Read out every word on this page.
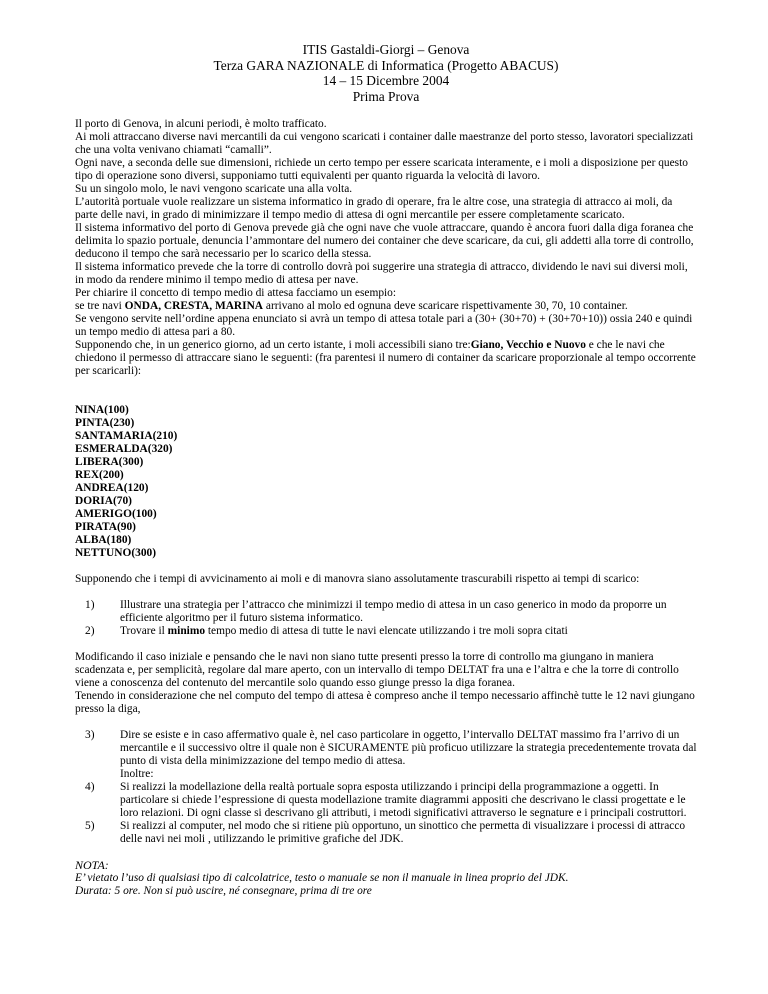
ITIS Gastaldi-Giorgi – Genova
Terza GARA NAZIONALE di Informatica (Progetto ABACUS)
14 – 15 Dicembre 2004
Prima Prova

Il porto di Genova, in alcuni periodi, è molto trafficato.

Ai moli attraccano diverse navi mercantili da cui vengono scaricati i container dalle maestranze del porto stesso, lavoratori specializzati che una volta venivano chiamati “camalli”.

Ogni nave, a seconda delle sue dimensioni, richiede un certo tempo per essere scaricata interamente, e i moli a disposizione per questo tipo di operazione sono diversi, supponiamo tutti equivalenti per quanto riguarda la velocità di lavoro.

Su un singolo molo, le navi vengono scaricate una alla volta.

L’autorità portuale vuole realizzare un sistema informatico in grado di operare, fra le altre cose, una strategia di attracco ai moli, da parte delle navi, in grado di minimizzare il tempo medio di attesa di ogni mercantile per essere completamente scaricato.

Il sistema informativo del porto di Genova prevede già che ogni nave che vuole attraccare, quando è ancora fuori dalla diga foranea che delimita lo spazio portuale, denuncia l’ammontare del numero dei container che deve scaricare, da cui, gli addetti alla torre di controllo, deducono il tempo che sarà necessario per lo scarico della stessa.

Il sistema informatico prevede che la torre di controllo dovrà poi suggerire una strategia di attracco, dividendo le navi sui diversi moli, in modo da rendere minimo il tempo medio di attesa per nave.

Per chiarire il concetto di tempo medio di attesa facciamo un esempio:

se tre navi ONDA, CRESTA, MARINA arrivano al molo ed ognuna deve scaricare rispettivamente 30, 70, 10 container.

Se vengono servite nell’ordine appena enunciato si avrà un tempo di attesa totale pari a (30+ (30+70) + (30+70+10)) ossia 240 e quindi un tempo medio di attesa pari a 80.

Supponendo che, in un generico giorno, ad un certo istante, i moli accessibili siano tre:Giano, Vecchio e Nuovo e che le navi che chiedono il permesso di attraccare siano le seguenti: (fra parentesi il numero di container da scaricare proporzionale al tempo occorrente per scaricarli):

NINA(100)
PINTA(230)
SANTAMARIA(210)
ESMERALDA(320)
LIBERA(300)
REX(200)
ANDREA(120)
DORIA(70)
AMERIGO(100)
PIRATA(90)
ALBA(180)
NETTUNO(300)

Supponendo che i tempi di avvicinamento ai moli e di manovra siano assolutamente trascurabili rispetto ai tempi di scarico:

1) Illustrare una strategia per l’attracco che minimizzi il tempo medio di attesa in un caso generico in modo da proporre un efficiente algoritmo per il futuro sistema informatico.
2) Trovare il minimo tempo medio di attesa di tutte le navi elencate utilizzando i tre moli sopra citati

Modificando il caso iniziale e pensando che le navi non siano tutte presenti presso la torre di controllo ma giungano in maniera scadenzata e, per semplicità, regolare dal mare aperto, con un intervallo di tempo DELTAT fra una e l’altra e che la torre di controllo viene a conoscenza del contenuto del mercantile solo quando esso giunge presso la diga foranea.

Tenendo in considerazione che nel computo del tempo di attesa è compreso anche il tempo necessario affinchè tutte le 12 navi giungano presso la diga,

3) Dire se esiste e in caso affermativo quale è, nel caso particolare in oggetto, l’intervallo DELTAT massimo fra l’arrivo di un mercantile e il successivo oltre il quale non è SICURAMENTE più proficuo utilizzare la strategia precedentemente trovata dal punto di vista della minimizzazione del tempo medio di attesa.
Inoltre:
4) Si realizzi la modellazione della realtà portuale sopra esposta utilizzando i principi della programmazione a oggetti. In particolare si chiede l’espressione di questa modellazione tramite diagrammi appositi che descrivano le classi progettate e le loro relazioni. Di ogni classe si descrivano gli attributi, i metodi significativi attraverso le segnature e i principali costruttori.
5) Si realizzi al computer, nel modo che si ritiene più opportuno, un sinottico che permetta di visualizzare i processi di attracco delle navi nei moli , utilizzando le primitive grafiche del JDK.
NOTA:
E’ vietato l’uso di qualsiasi tipo di calcolatrice, testo o manuale se non il manuale in linea proprio del JDK.
Durata: 5 ore. Non si può uscire, né consegnare, prima di tre ore
